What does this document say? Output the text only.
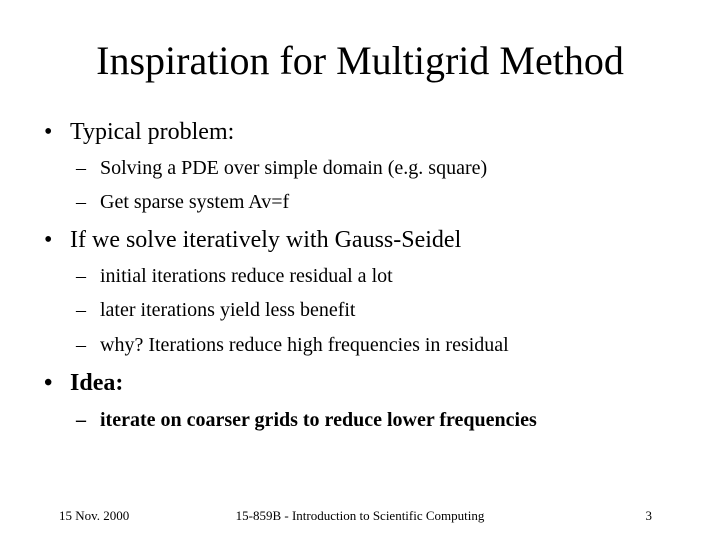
Inspiration for Multigrid Method
• Typical problem:
– Solving a PDE over simple domain (e.g. square)
– Get sparse system Av=f
• If we solve iteratively with Gauss-Seidel
– initial iterations reduce residual a lot
– later iterations yield less benefit
– why? Iterations reduce high frequencies in residual
• Idea:
– iterate on coarser grids to reduce lower frequencies
15 Nov. 2000	15-859B - Introduction to Scientific Computing	3
